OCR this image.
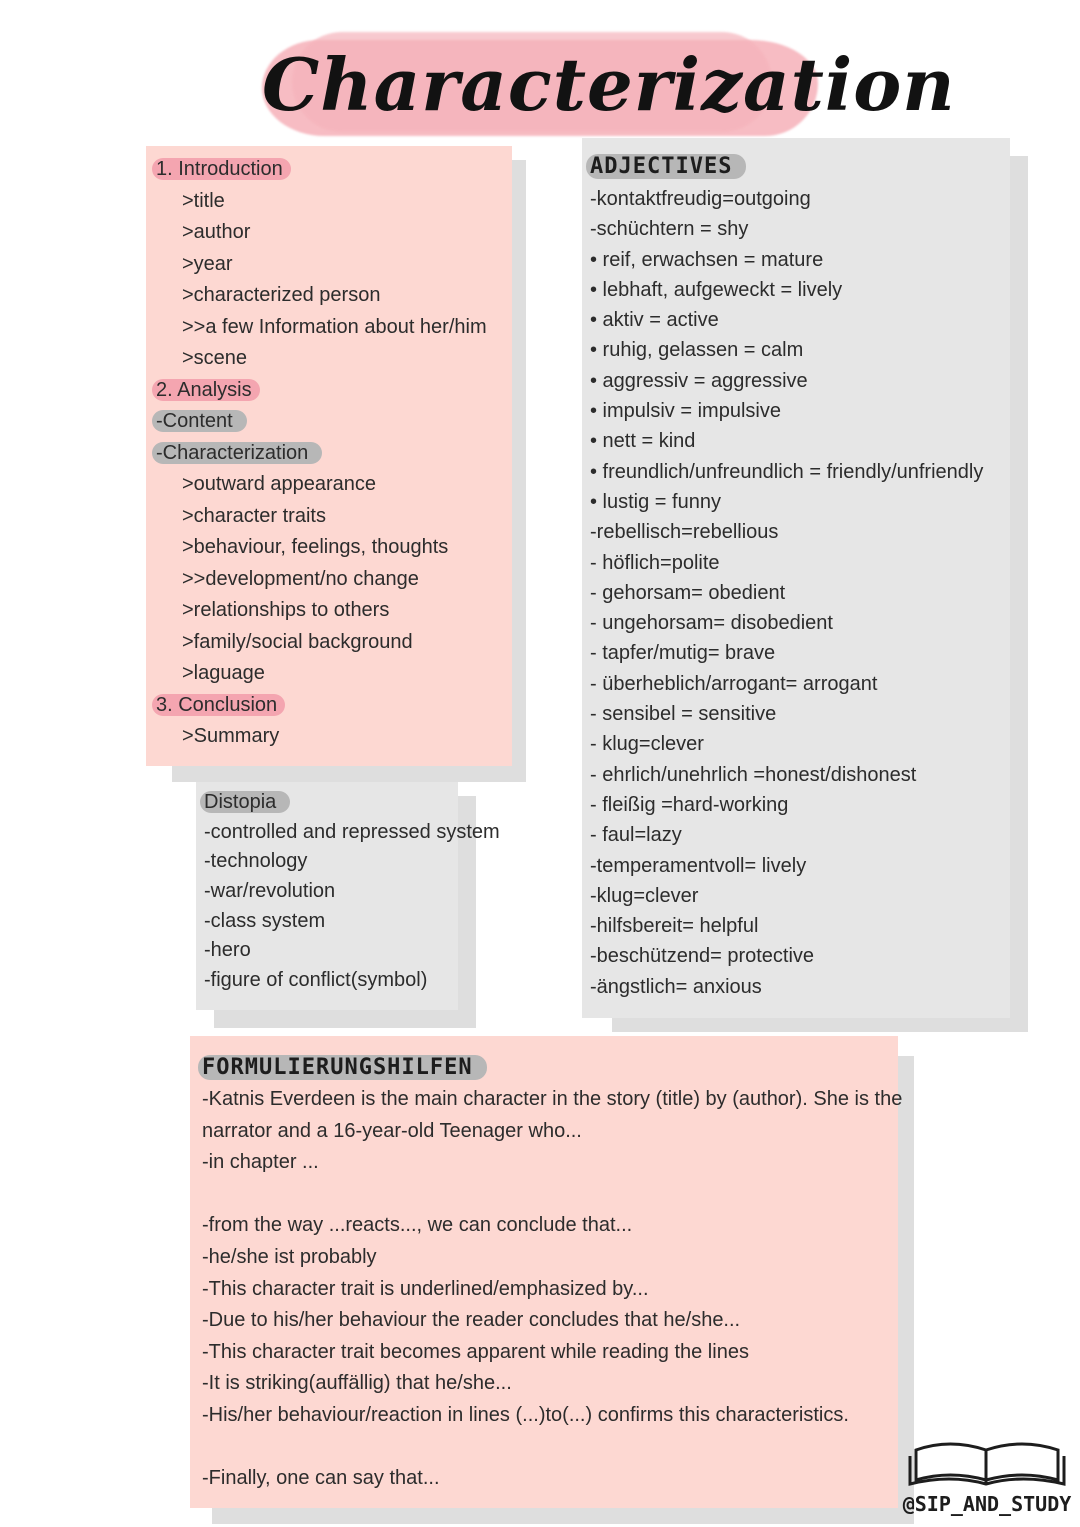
Characterization
1. Introduction
>title
>author
>year
>characterized person
>>a few Information about her/him
>scene
2. Analysis
-Content
-Characterization
>outward appearance
>character traits
>behaviour, feelings, thoughts
>>development/no change
>relationships to others
>family/social background
>laguage
3. Conclusion
>Summary
ADJECTIVES
-kontaktfreudig=outgoing
-schüchtern = shy
• reif, erwachsen = mature
• lebhaft, aufgeweckt = lively
• aktiv = active
• ruhig, gelassen = calm
• aggressiv = aggressive
• impulsiv = impulsive
• nett = kind
• freundlich/unfreundlich = friendly/unfriendly
• lustig = funny
-rebellisch=rebellious
- höflich=polite
- gehorsam= obedient
- ungehorsam= disobedient
- tapfer/mutig= brave
- überheblich/arrogant= arrogant
- sensibel = sensitive
- klug=clever
- ehrlich/unehrlich =honest/dishonest
- fleißig =hard-working
- faul=lazy
-temperamentvoll= lively
-klug=clever
-hilfsbereit= helpful
-beschützend= protective
-ängstlich= anxious
Distopia
-controlled and repressed system
-technology
-war/revolution
-class system
-hero
-figure of conflict(symbol)
FORMULIERUNGSHILFEN
-Katnis Everdeen is the main character in the story (title) by (author). She is the
narrator and a 16-year-old Teenager who...
-in chapter ...
-from the way ...reacts..., we can conclude that...
-he/she ist probably
-This character trait is underlined/emphasized by...
-Due to his/her behaviour the reader concludes that he/she...
-This character trait becomes apparent while reading the lines
-It is striking(auffällig) that he/she...
-His/her behaviour/reaction in lines (...)to(...) confirms this characteristics.
-Finally, one can say that...
@SIP_AND_STUDY
